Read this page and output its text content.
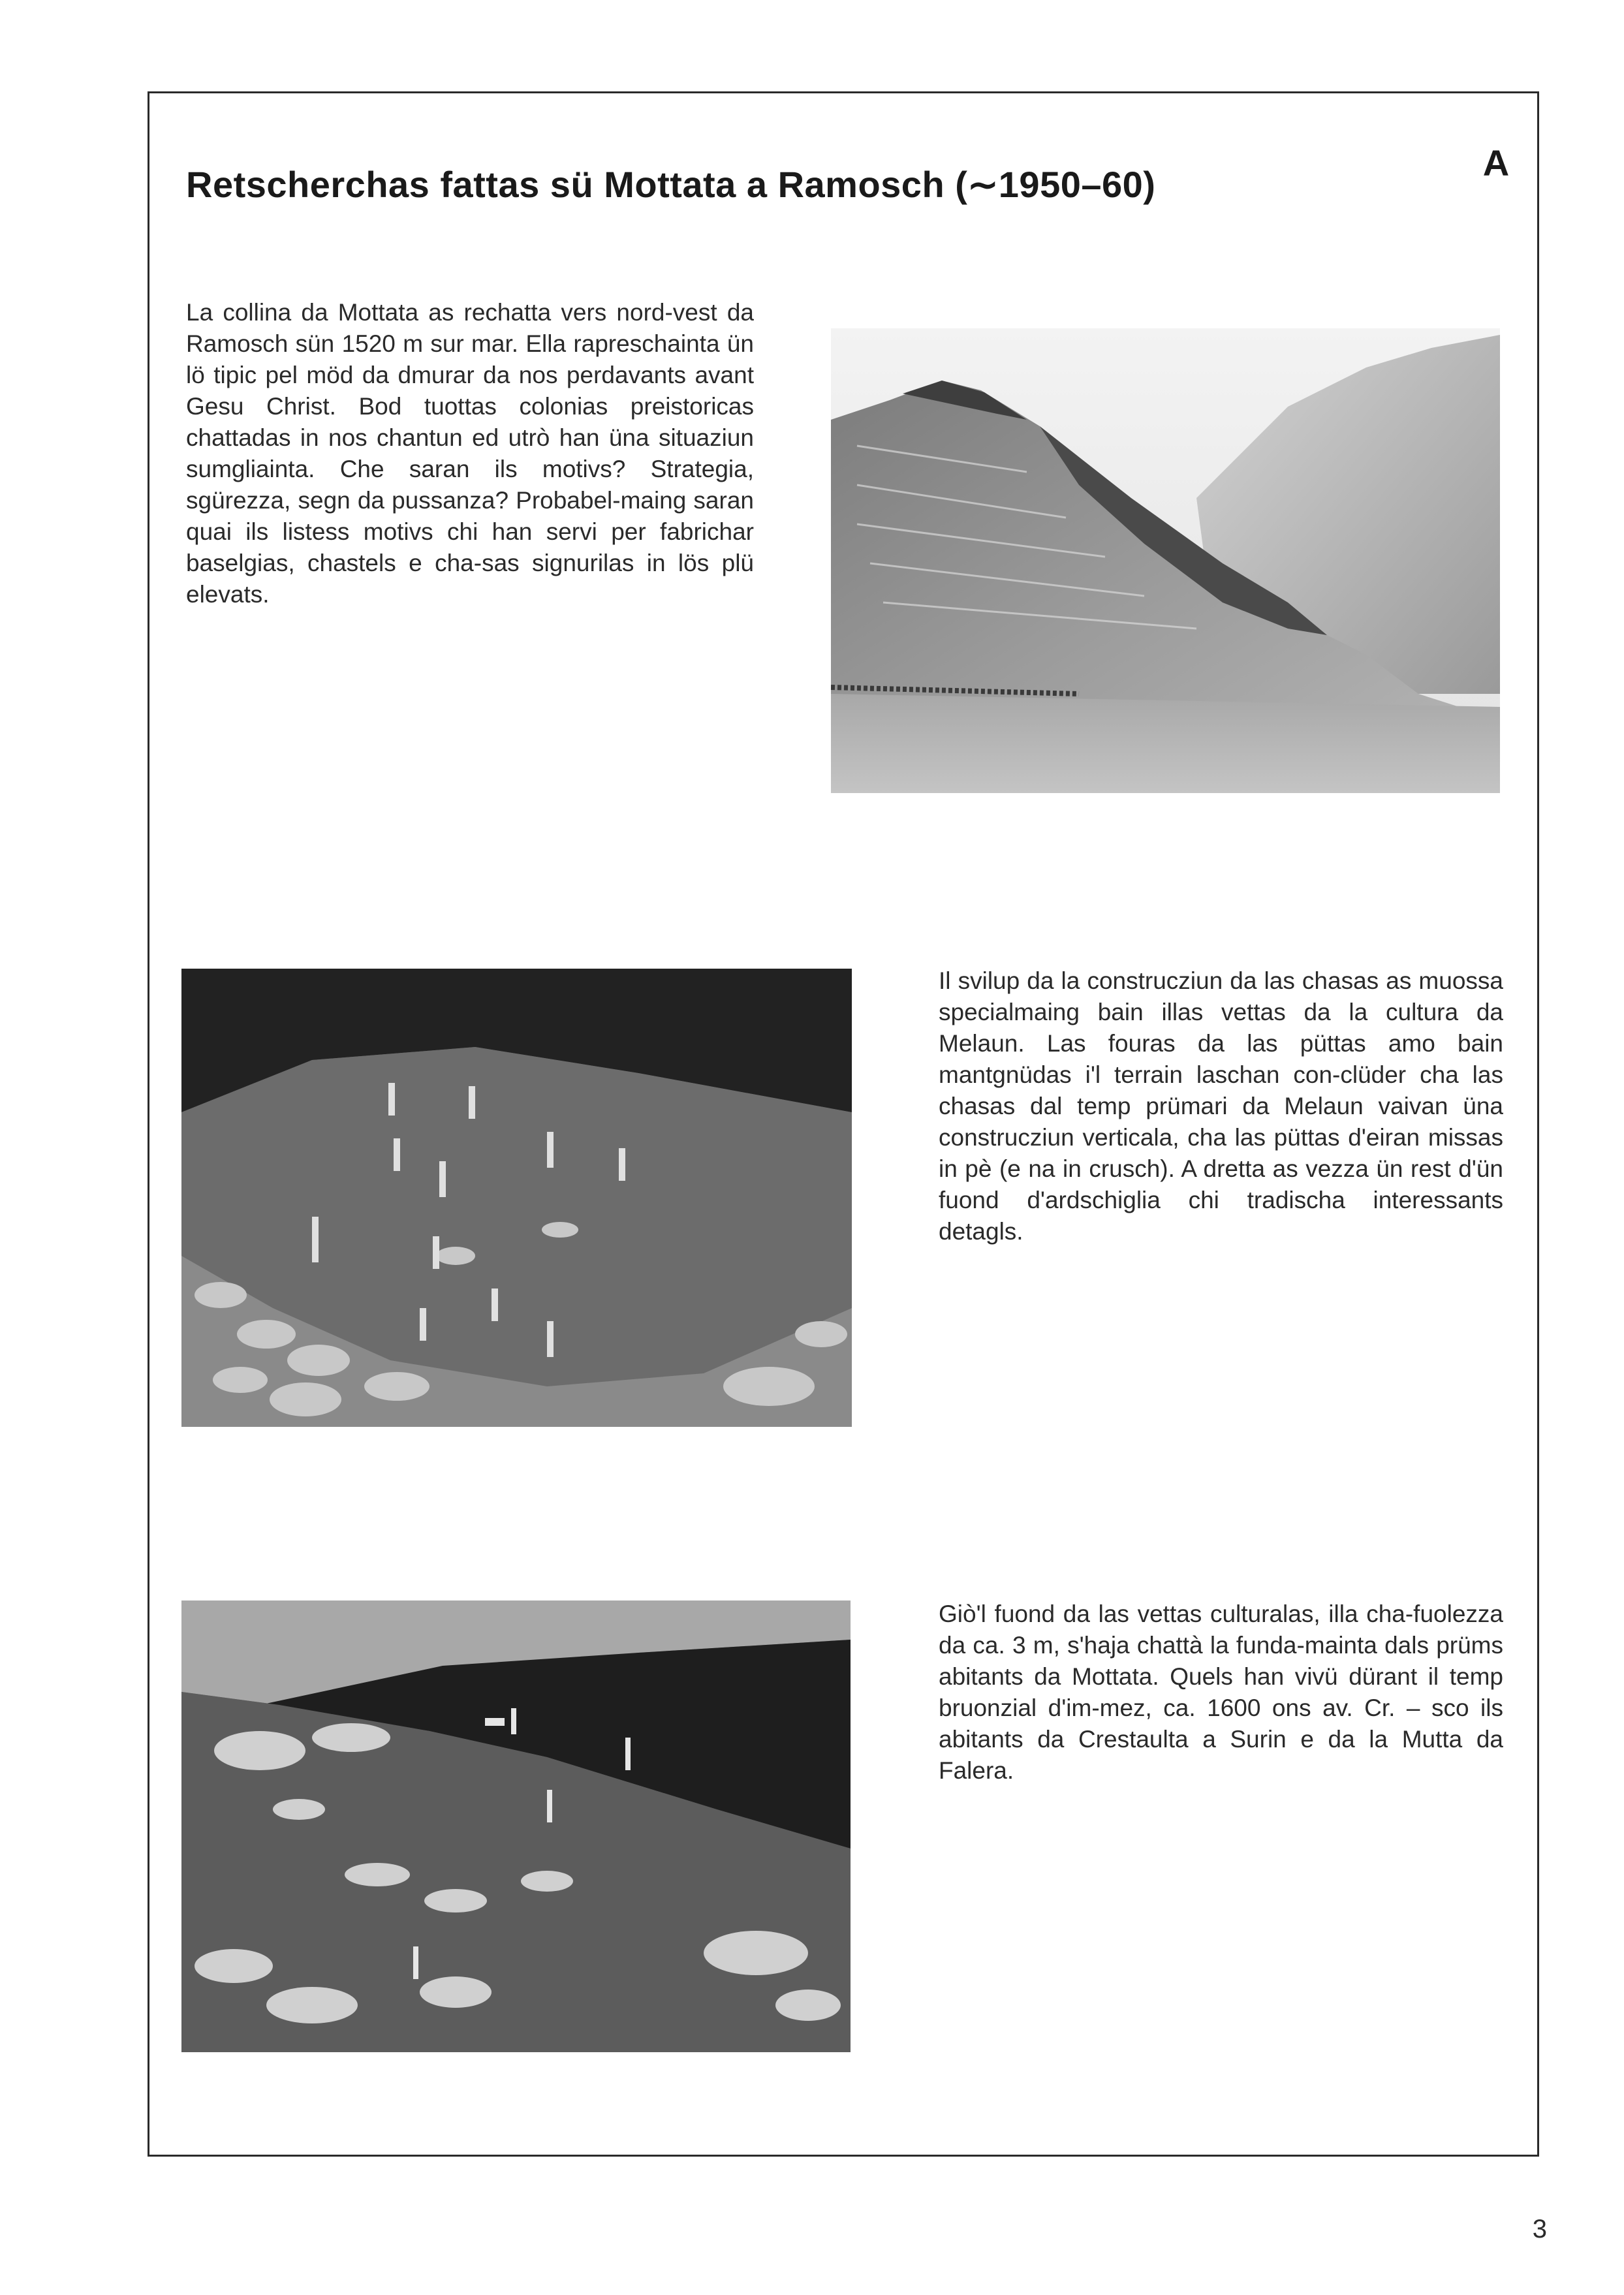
Retscherchas fattas sü Mottata a Ramosch (∼1950–60)
A

La collina da Mottata as rechatta vers nord-vest da Ramosch sün 1520 m sur mar. Ella rapreschainta ün lö tipic pel möd da dmurar da nos perdavants avant Gesu Christ. Bod tuottas colonias preistoricas chattadas in nos chantun ed utrò han üna situaziun sumgliainta. Che saran ils motivs? Strategia, sgürezza, segn da pussanza? Probabel-maing saran quai ils listess motivs chi han servi per fabrichar baselgias, chastels e cha-sas signurilas in lös plü elevats.

Il svilup da la construcziun da las chasas as muossa specialmaing bain illas vettas da la cultura da Melaun. Las fouras da las püttas amo bain mantgnüdas i'l terrain laschan con-clüder cha las chasas dal temp prümari da Melaun vaivan üna construcziun verticala, cha las püttas d'eiran missas in pè (e na in crusch). A dretta as vezza ün rest d'ün fuond d'ardschiglia chi tradischa interessants detagls.

Giò'l fuond da las vettas culturalas, illa cha-fuolezza da ca. 3 m, s'haja chattà la funda-mainta dals prüms abitants da Mottata. Quels han vivü dürant il temp bruonzial d'im-mez, ca. 1600 ons av. Cr. – sco ils abitants da Crestaulta a Surin e da la Mutta da Falera.

3
